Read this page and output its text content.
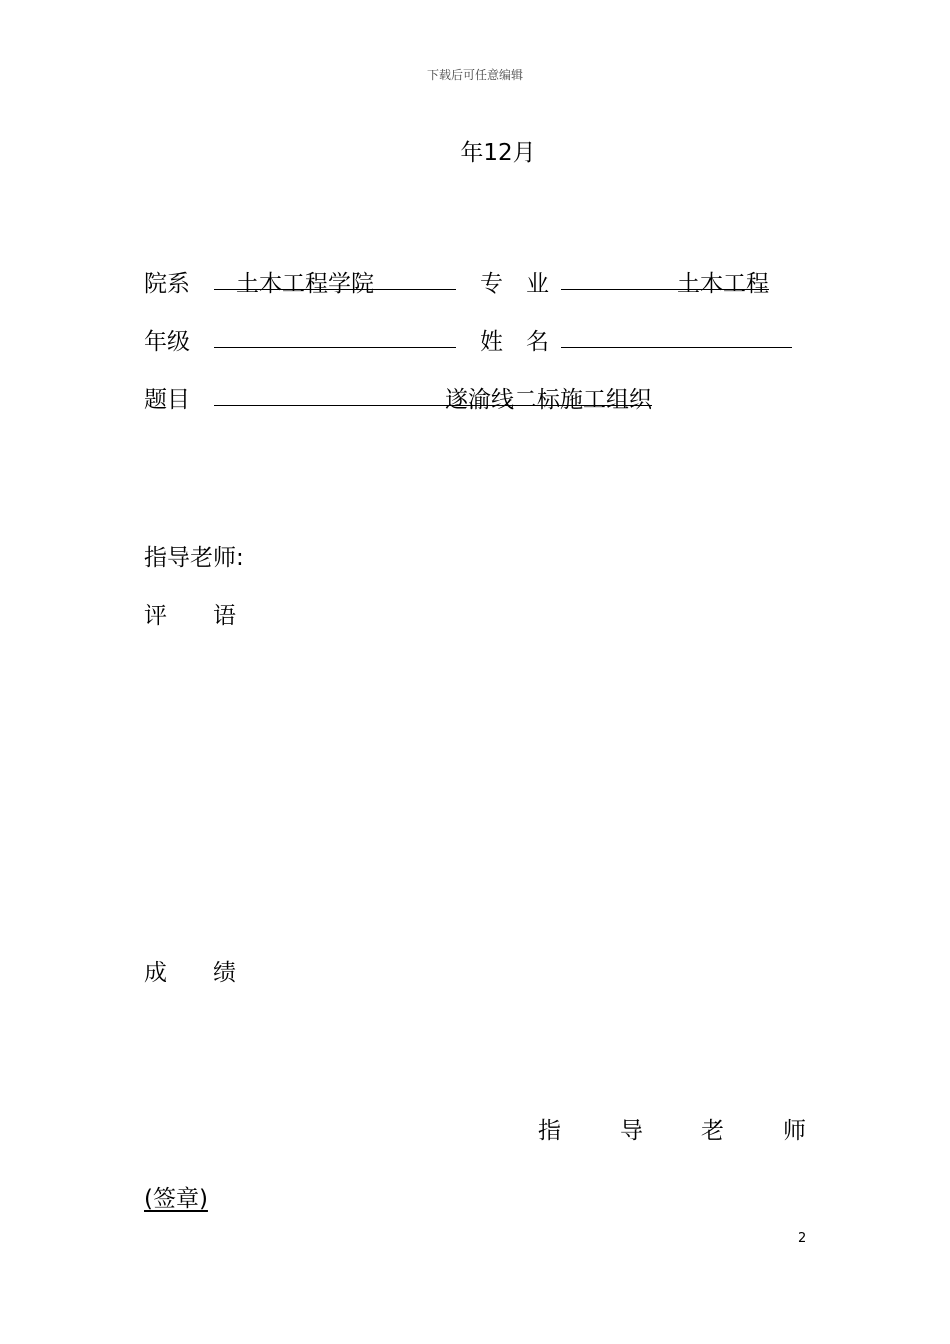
下载后可任意编辑
年12月
院系 土木工程学院	专　业	土木工程
年级	姓　名
题目	遂渝线二标施工组织
指导老师:
评　　语
成　　绩
指	导	老	师
(签章)
2
